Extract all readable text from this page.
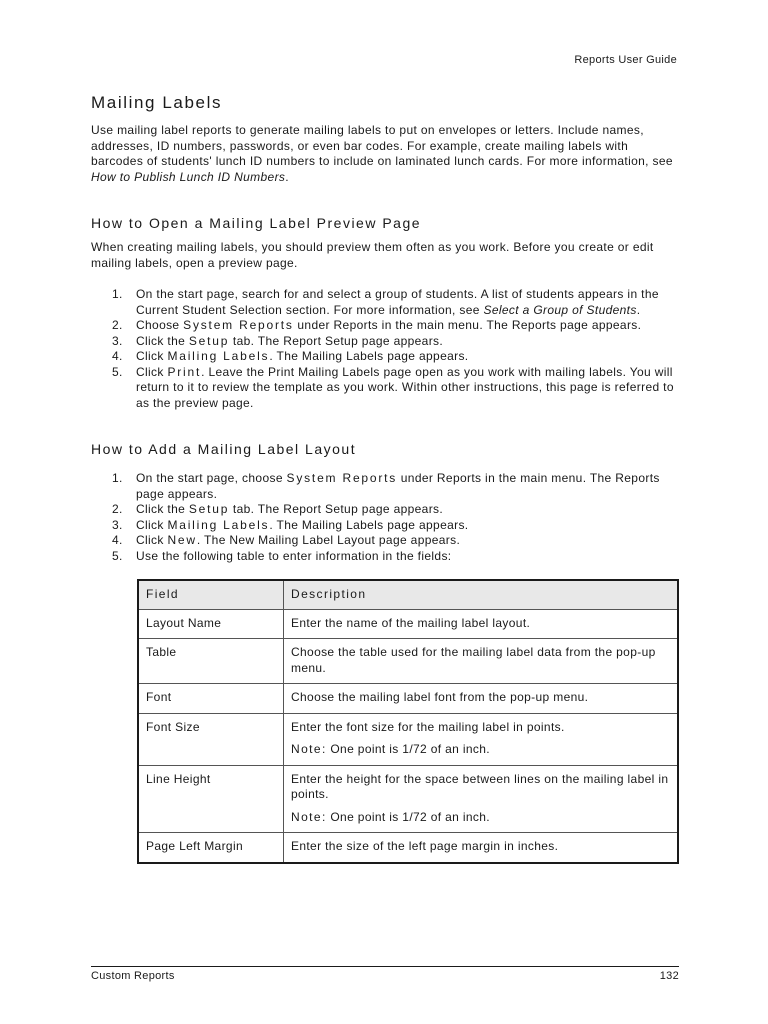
Reports User Guide
Mailing Labels

Use mailing label reports to generate mailing labels to put on envelopes or letters. Include names, addresses, ID numbers, passwords, or even bar codes. For example, create mailing labels with barcodes of students' lunch ID numbers to include on laminated lunch cards. For more information, see How to Publish Lunch ID Numbers.

How to Open a Mailing Label Preview Page

When creating mailing labels, you should preview them often as you work. Before you create or edit mailing labels, open a preview page.

1. On the start page, search for and select a group of students. A list of students appears in the Current Student Selection section. For more information, see Select a Group of Students.
2. Choose System Reports under Reports in the main menu. The Reports page appears.
3. Click the Setup tab. The Report Setup page appears.
4. Click Mailing Labels. The Mailing Labels page appears.
5. Click Print. Leave the Print Mailing Labels page open as you work with mailing labels. You will return to it to review the template as you work. Within other instructions, this page is referred to as the preview page.
How to Add a Mailing Label Layout
1. On the start page, choose System Reports under Reports in the main menu. The Reports page appears.
2. Click the Setup tab. The Report Setup page appears.
3. Click Mailing Labels. The Mailing Labels page appears.
4. Click New. The New Mailing Label Layout page appears.
5. Use the following table to enter information in the fields:
Field	Description
Layout Name	Enter the name of the mailing label layout.

Table	Choose the table used for the mailing label data from the pop-up menu.

Font	Choose the mailing label font from the pop-up menu.

Font Size	Enter the font size for the mailing label in points.

Note: One point is 1/72 of an inch.

Line Height	Enter the height for the space between lines on the mailing label in points.

Note: One point is 1/72 of an inch.

Page Left Margin	Enter the size of the left page margin in inches.

Custom Reports	132
